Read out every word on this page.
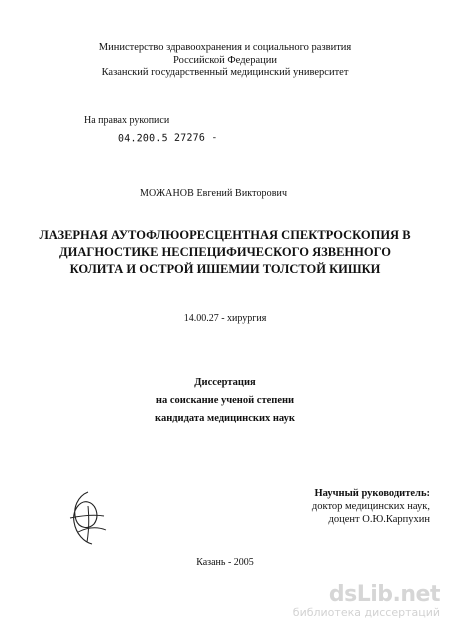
Министерство здравоохранения и социального развития
Российской Федерации
Казанский государственный медицинский университет
На правах рукописи
04.200.5 27276 -
МОЖАНОВ Евгений Викторович
ЛАЗЕРНАЯ АУТОФЛЮОРЕСЦЕНТНАЯ СПЕКТРОСКОПИЯ В
ДИАГНОСТИКЕ НЕСПЕЦИФИЧЕСКОГО ЯЗВЕННОГО
КОЛИТА И ОСТРОЙ ИШЕМИИ ТОЛСТОЙ КИШКИ
14.00.27 - хирургия
Диссертация
на соискание ученой степени
кандидата медицинских наук
Научный руководитель:
доктор медицинских наук,
доцент О.Ю.Карпухин
Казань - 2005
dsLib.net
библиотека диссертаций
